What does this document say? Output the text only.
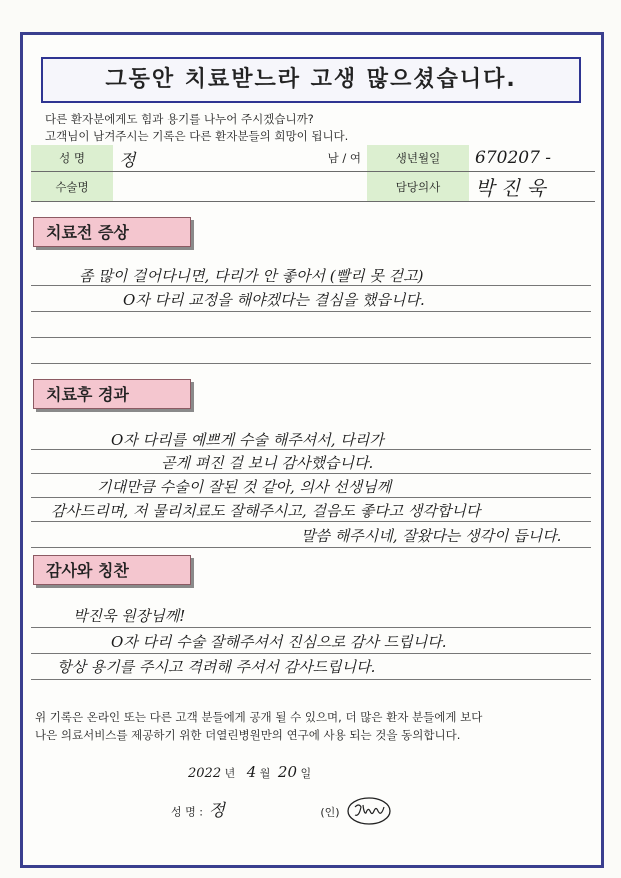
그동안 치료받느라 고생 많으셨습니다.
다른 환자분에게도 힘과 용기를 나누어 주시겠습니까?
고객님이 남겨주시는 기록은 다른 환자분들의 희망이 됩니다.
성 명	정	남 / 여	생년월일	670207 -
수술명			담당의사	박 진 욱
치료전 증상
좀 많이 걸어다니면, 다리가 안 좋아서 (빨리 못 걷고)
O자 다리 교정을 해야겠다는 결심을 했읍니다.
치료후 경과
O자 다리를 예쁘게 수술 해주셔서, 다리가
곧게 펴진 걸 보니 감사했습니다.
기대만큼 수술이 잘된 것 같아, 의사 선생님께
감사드리며, 저 물리치료도 잘해주시고, 걸음도 좋다고 생각합니다
말씀 해주시네, 잘왔다는 생각이 듭니다.
감사와 칭찬
박진욱 원장님께!
O자 다리 수술 잘해주셔서 진심으로 감사 드립니다.
항상 용기를 주시고 격려해 주셔서 감사드립니다.
위 기록은 온라인 또는 다른 고객 분들에게 공개 될 수 있으며, 더 많은 환자 분들에게 보다
나은 의료서비스를 제공하기 위한 더열린병원만의 연구에 사용 되는 것을 동의합니다.
2022 년 4 월 20 일
성 명 : 정	(인)
